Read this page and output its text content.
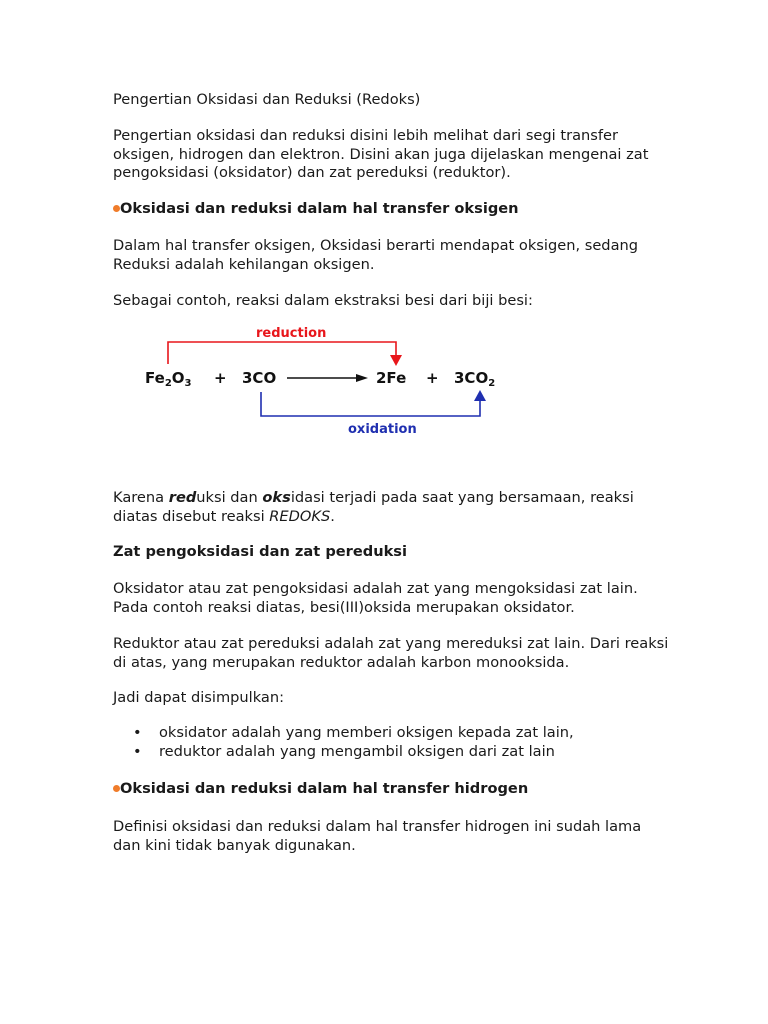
Pengertian Oksidasi dan Reduksi (Redoks)

Pengertian oksidasi dan reduksi disini lebih melihat dari segi transfer oksigen, hidrogen dan elektron. Disini akan juga dijelaskan mengenai zat pengoksidasi (oksidator) dan zat pereduksi (reduktor).

Oksidasi dan reduksi dalam hal transfer oksigen

Dalam hal transfer oksigen, Oksidasi berarti mendapat oksigen, sedang Reduksi adalah kehilangan oksigen.

Sebagai contoh, reaksi dalam ekstraksi besi dari biji besi:

Karena reduksi dan oksidasi terjadi pada saat yang bersamaan, reaksi diatas disebut reaksi REDOKS.

Zat pengoksidasi dan zat pereduksi

Oksidator atau zat pengoksidasi adalah zat yang mengoksidasi zat lain. Pada contoh reaksi diatas, besi(III)oksida merupakan oksidator.

Reduktor atau zat pereduksi adalah zat yang mereduksi zat lain. Dari reaksi di atas, yang merupakan reduktor adalah karbon monooksida.

Jadi dapat disimpulkan:

• oksidator adalah yang memberi oksigen kepada zat lain,
• reduktor adalah yang mengambil oksigen dari zat lain

Oksidasi dan reduksi dalam hal transfer hidrogen

Definisi oksidasi dan reduksi dalam hal transfer hidrogen ini sudah lama dan kini tidak banyak digunakan.

reduction
$Fe_2O_3 + 3CO$	$2Fe + 3CO_2$
oxidation
